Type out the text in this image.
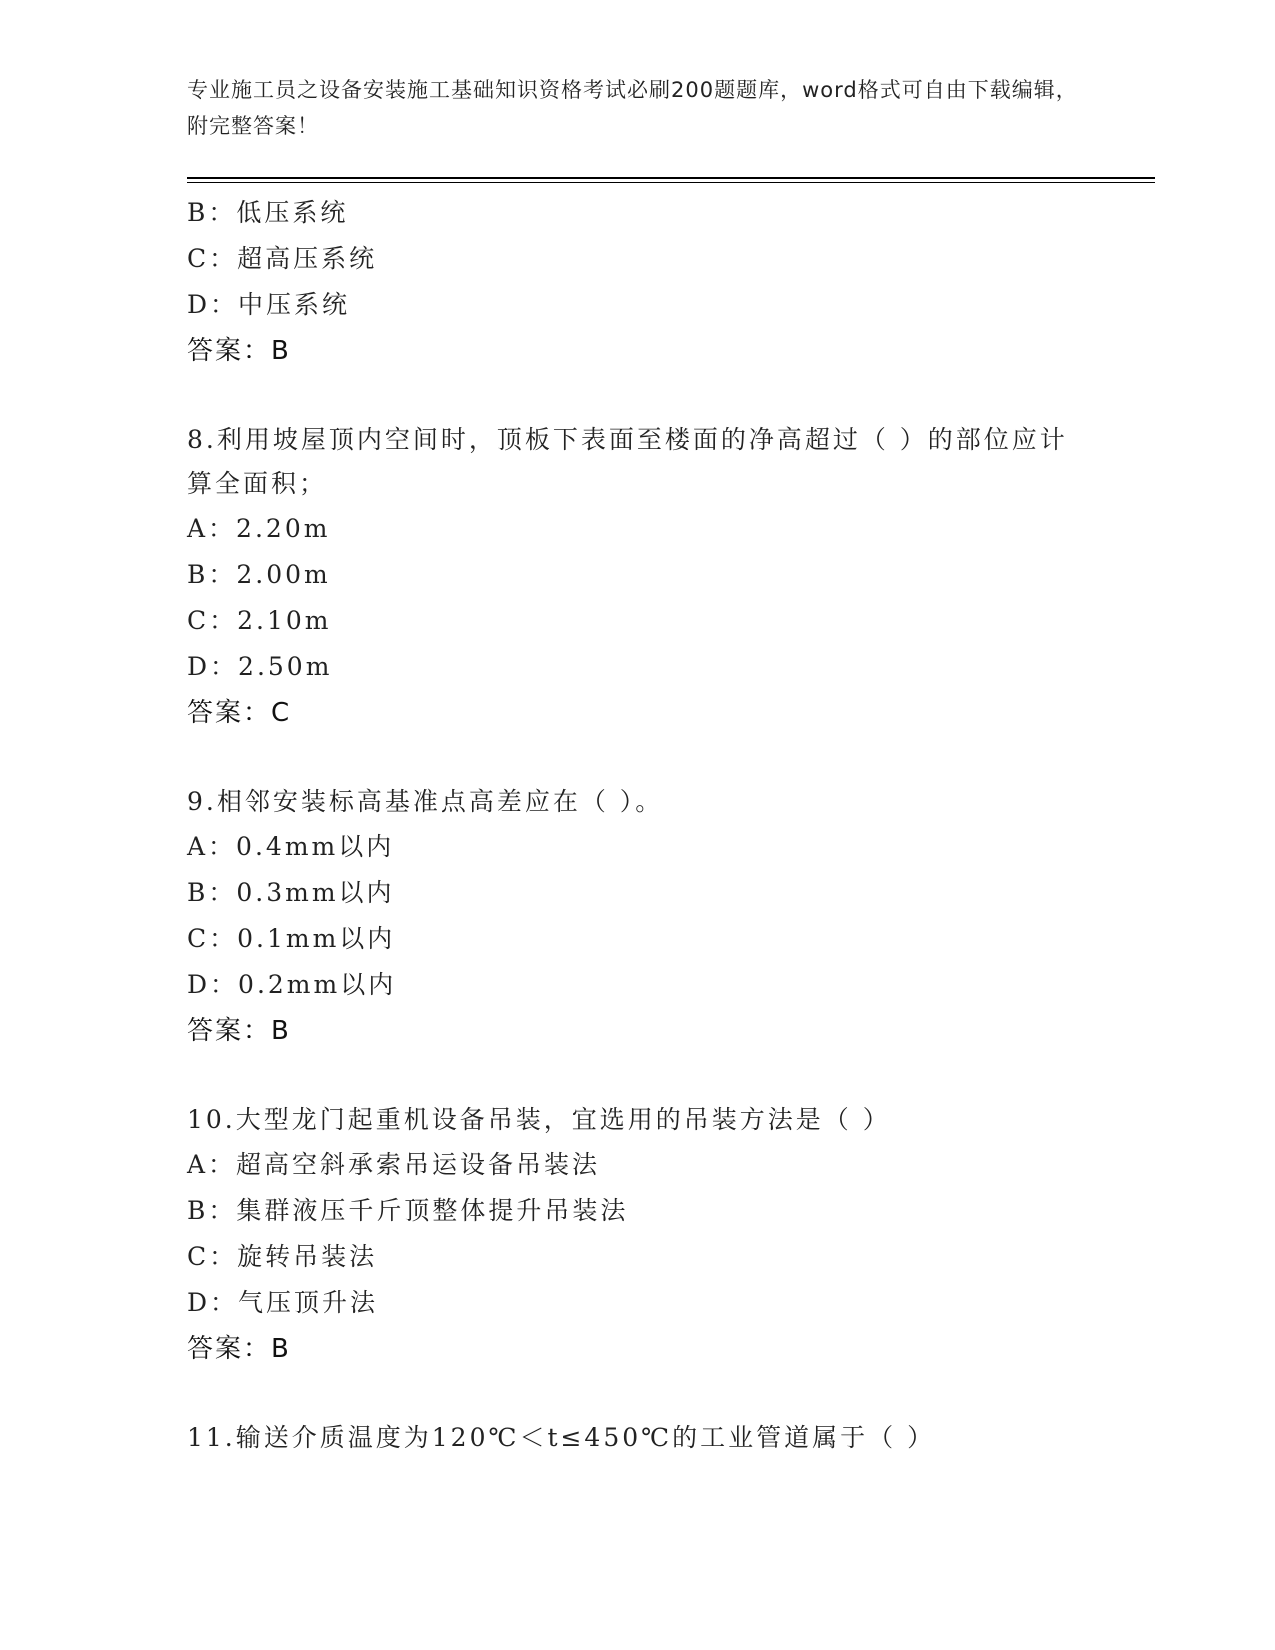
专业施工员之设备安装施工基础知识资格考试必刷200题题库，word格式可自由下载编辑，附完整答案！
B：低压系统
C：超高压系统
D：中压系统
答案：B
8.利用坡屋顶内空间时，顶板下表面至楼面的净高超过（ ）的部位应计算全面积；
A：2.20m
B：2.00m
C：2.10m
D：2.50m
答案：C
9.相邻安装标高基准点高差应在（ ）。
A：0.4mm以内
B：0.3mm以内
C：0.1mm以内
D：0.2mm以内
答案：B
10.大型龙门起重机设备吊装，宜选用的吊装方法是（ ）
A：超高空斜承索吊运设备吊装法
B：集群液压千斤顶整体提升吊装法
C：旋转吊装法
D：气压顶升法
答案：B
11.输送介质温度为120℃＜t≤450℃的工业管道属于（ ）
